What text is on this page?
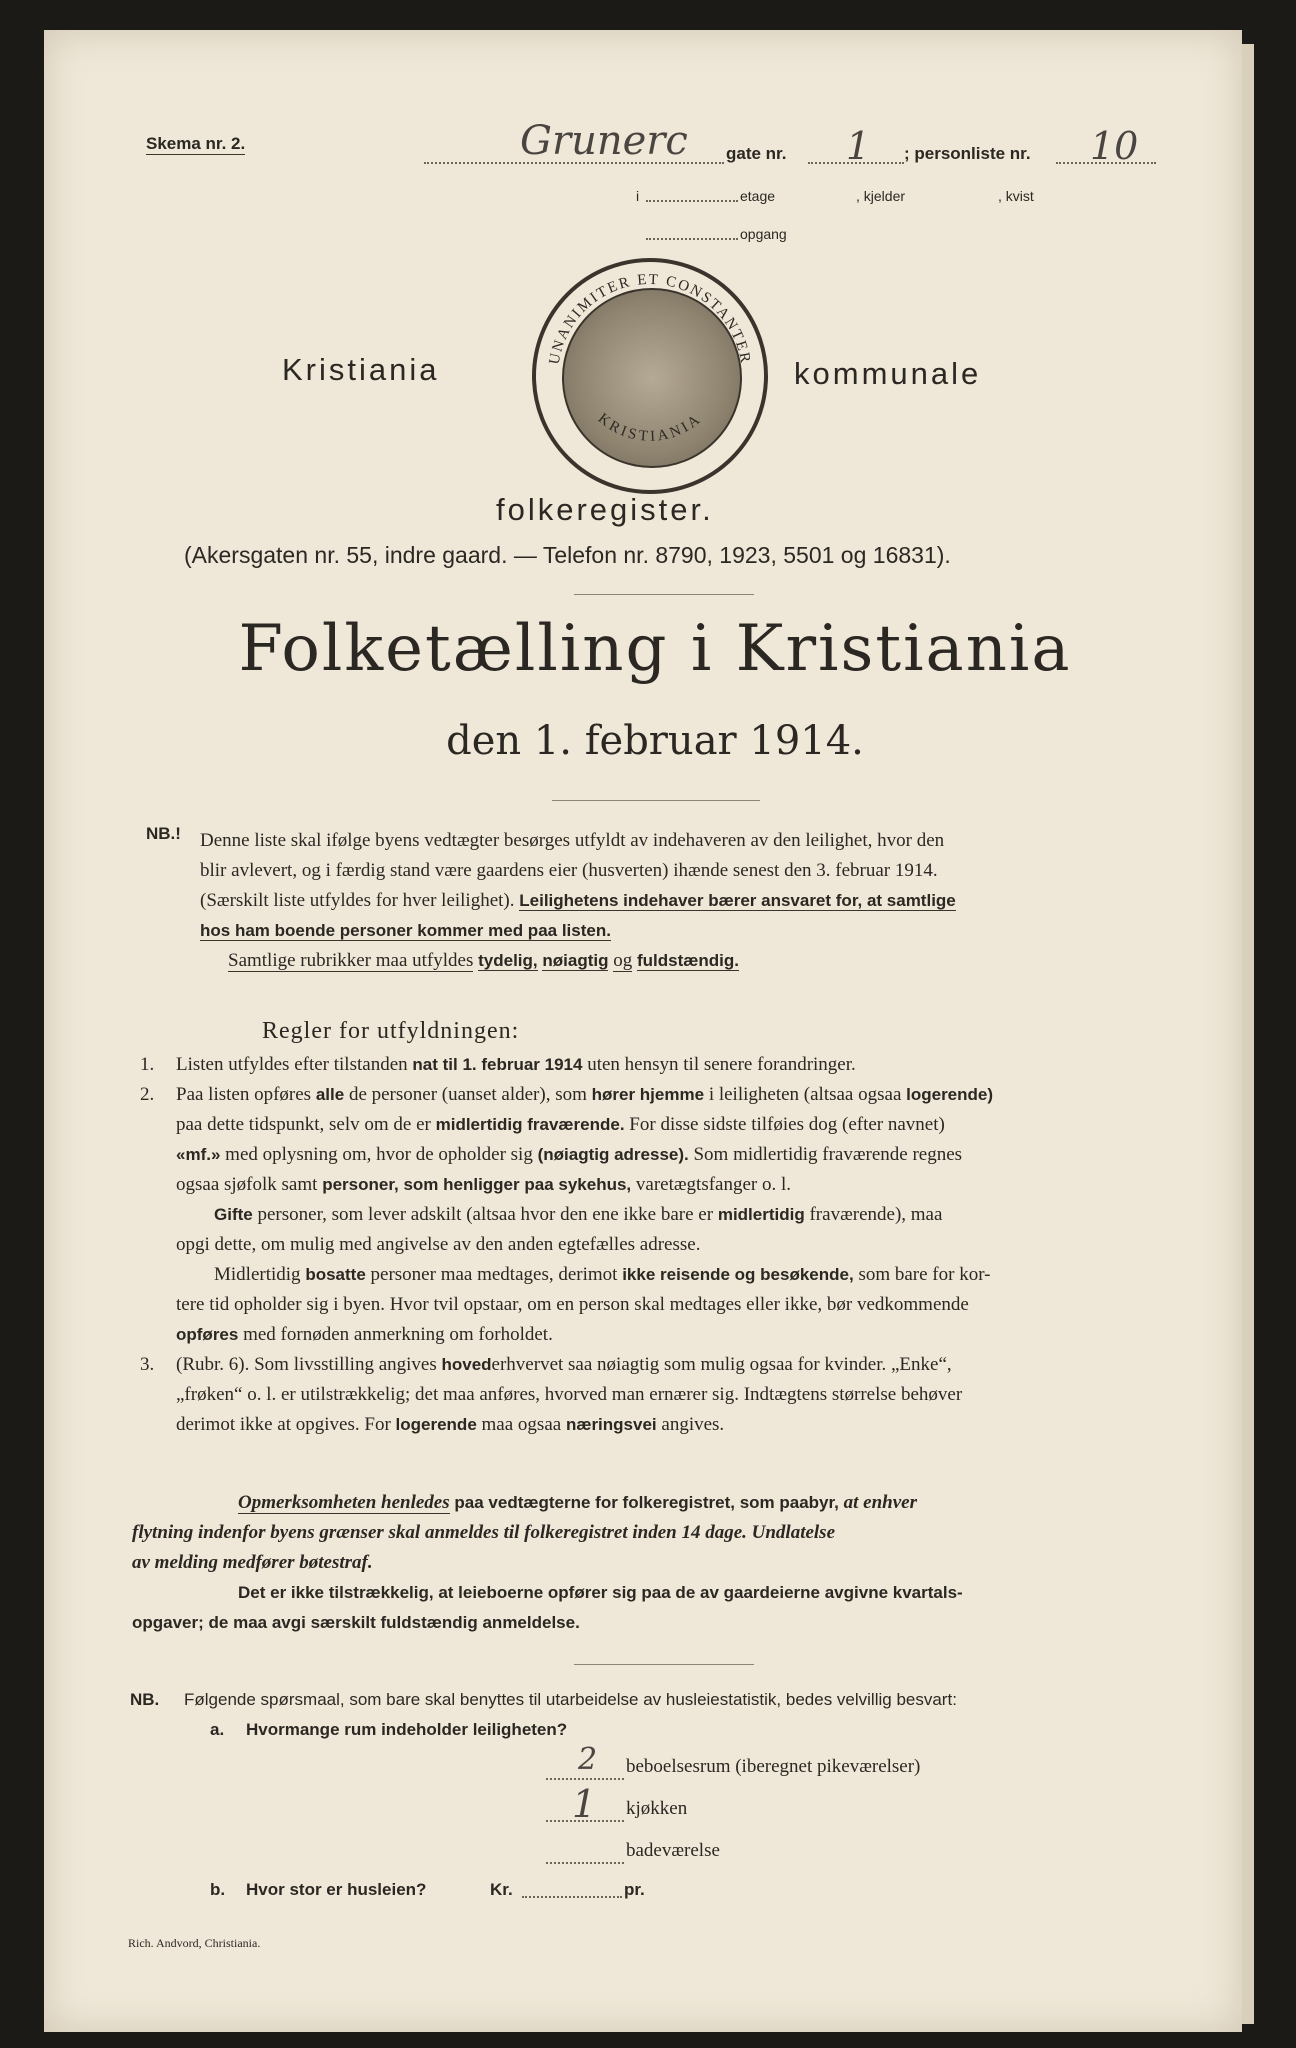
Skema nr. 2.	Grunerс gate nr. 1 ; personliste nr. 10
i	etage	, kjelder	, kvist
opgang
Kristiania	UNANIMITER ET CONSTANTER
KRISTIANIA
kommunale
folkeregister.
(Akersgaten nr. 55, indre gaard. — Telefon nr. 8790, 1923, 5501 og 16831).
Folketælling i Kristiania
den 1. februar 1914.
NB.! Denne liste skal ifølge byens vedtægter besørges utfyldt av indehaveren av den leilighet, hvor den

blir avlevert, og i færdig stand være gaardens eier (husverten) ihænde senest den 3. februar 1914.

(Særskilt liste utfyldes for hver leilighet). Leilighetens indehaver bærer ansvaret for, at samtlige

hos ham boende personer kommer med paa listen.

Samtlige rubrikker maa utfyldes tydelig, nøiagtig og fuldstændig.

Regler for utfyldningen:
1.
2.
3.

Listen utfyldes efter tilstanden nat til 1. februar 1914 uten hensyn til senere forandringer.

Paa listen opføres alle de personer (uanset alder), som hører hjemme i leiligheten (altsaa ogsaa logerende)

paa dette tidspunkt, selv om de er midlertidig fraværende. For disse sidste tilføies dog (efter navnet)

«mf.» med oplysning om, hvor de opholder sig (nøiagtig adresse). Som midlertidig fraværende regnes

ogsaa sjøfolk samt personer, som henligger paa sykehus, varetægtsfanger o. l.

Gifte personer, som lever adskilt (altsaa hvor den ene ikke bare er midlertidig fraværende), maa

opgi dette, om mulig med angivelse av den anden egtefælles adresse.

Midlertidig bosatte personer maa medtages, derimot ikke reisende og besøkende, som bare for kor-

tere tid opholder sig i byen. Hvor tvil opstaar, om en person skal medtages eller ikke, bør vedkommende

opføres med fornøden anmerkning om forholdet.

(Rubr. 6). Som livsstilling angives hovederhvervet saa nøiagtig som mulig ogsaa for kvinder. „Enke“,

„frøken“ o. l. er utilstrækkelig; det maa anføres, hvorved man ernærer sig. Indtægtens størrelse behøver

derimot ikke at opgives. For logerende maa ogsaa næringsvei angives.

Opmerksomheten henledes paa vedtægterne for folkeregistret, som paabyr, at enhver

flytning indenfor byens grænser skal anmeldes til folkeregistret inden 14 dage. Undlatelse

av melding medfører bøtestraf.

Det er ikke tilstrækkelig, at leieboerne opfører sig paa de av gaardeierne avgivne kvartals-

opgaver; de maa avgi særskilt fuldstændig anmeldelse.

NB. Følgende spørsmaal, som bare skal benyttes til utarbeidelse av husleiestatistik, bedes velvillig besvart:
a. Hvormange rum indeholder leiligheten?
2 beboelsesrum (iberegnet pikeværelser)
1 kjøkken
badeværelse
b. Hvor stor er husleien?	Kr.	pr.
Rich. Andvord, Christiania.
